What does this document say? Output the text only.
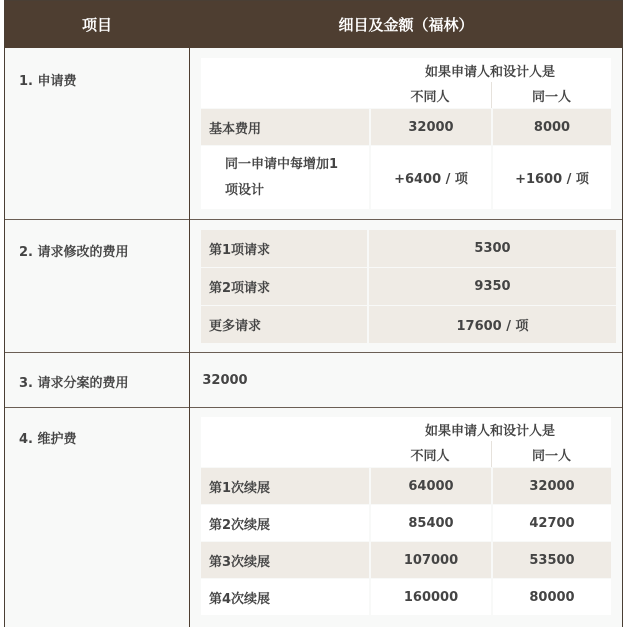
项目	细目及金额（福林）
1. 申请费
如果申请人和设计人是
不同人	同一人
基本费用	32000	8000
同一申请中每增加1
项设计
+6400 / 项	+1600 / 项
2. 请求修改的费用	第1项请求	5300
第2项请求	9350
更多请求	17600 / 项
3. 请求分案的费用	32000
4. 维护费
如果申请人和设计人是
不同人	同一人
第1次续展	64000	32000
第2次续展	85400	42700
第3次续展	107000	53500
第4次续展	160000	80000
